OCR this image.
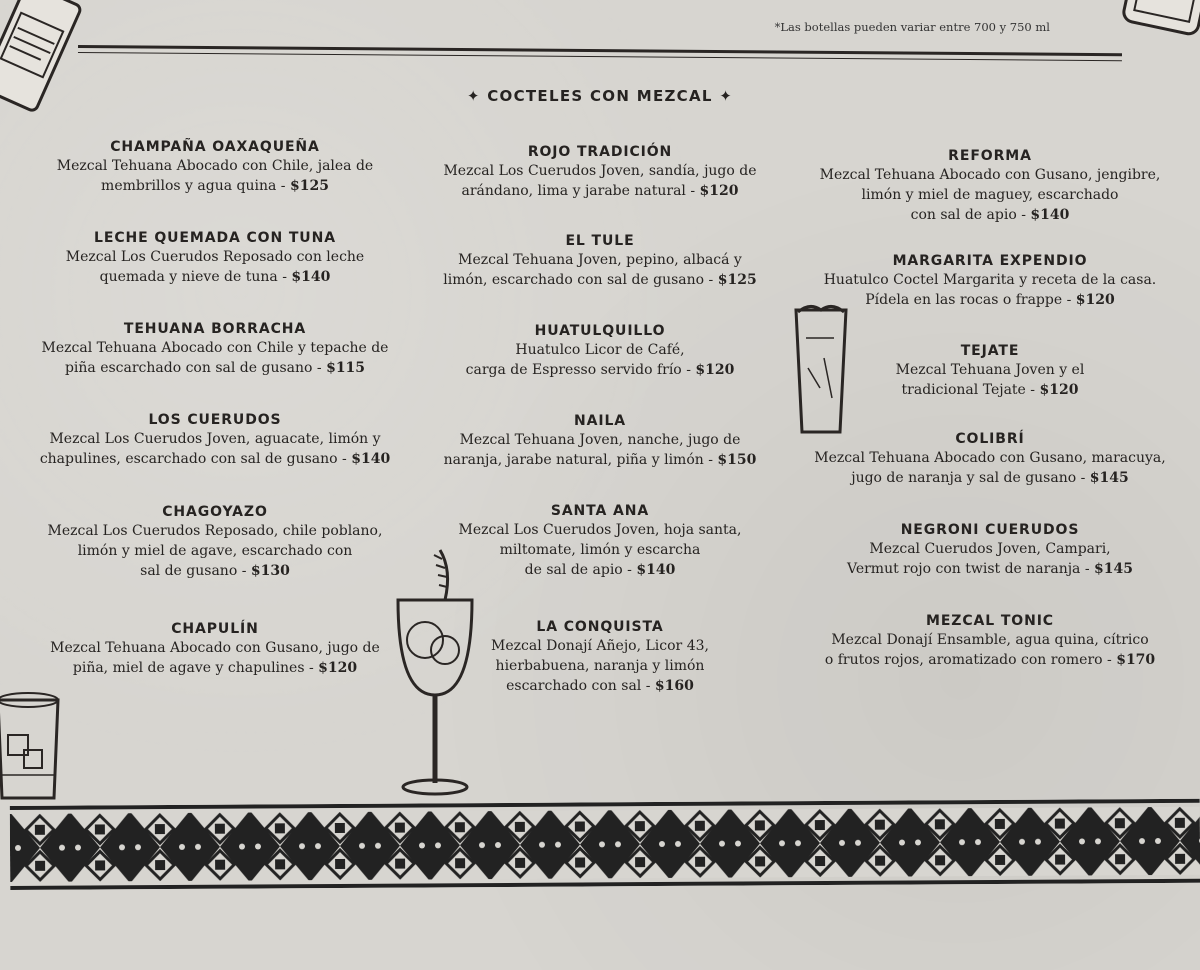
*Las botellas pueden variar entre 700 y 750 ml
✦ COCTELES CON MEZCAL ✦
CHAMPAÑA OAXAQUEÑA
Mezcal Tehuana Abocado con Chile, jalea de
membrillos y agua quina - $125
LECHE QUEMADA CON TUNA
Mezcal Los Cuerudos Reposado con leche
quemada y nieve de tuna - $140
TEHUANA BORRACHA
Mezcal Tehuana Abocado con Chile y tepache de
piña escarchado con sal de gusano - $115
LOS CUERUDOS
Mezcal Los Cuerudos Joven, aguacate, limón y
chapulines, escarchado con sal de gusano - $140
CHAGOYAZO
Mezcal Los Cuerudos Reposado, chile poblano,
limón y miel de agave, escarchado con
sal de gusano - $130
CHAPULÍN
Mezcal Tehuana Abocado con Gusano, jugo de
piña, miel de agave y chapulines - $120
ROJO TRADICIÓN
Mezcal Los Cuerudos Joven, sandía, jugo de
arándano, lima y jarabe natural - $120
EL TULE
Mezcal Tehuana Joven, pepino, albacá y
limón, escarchado con sal de gusano - $125
HUATULQUILLO
Huatulco Licor de Café,
carga de Espresso servido frío - $120
NAILA
Mezcal Tehuana Joven, nanche, jugo de
naranja, jarabe natural, piña y limón - $150
SANTA ANA
Mezcal Los Cuerudos Joven, hoja santa,
miltomate, limón y escarcha
de sal de apio - $140
LA CONQUISTA
Mezcal Donají Añejo, Licor 43,
hierbabuena, naranja y limón
escarchado con sal - $160
REFORMA
Mezcal Tehuana Abocado con Gusano, jengibre,
limón y miel de maguey, escarchado
con sal de apio - $140
MARGARITA EXPENDIO
Huatulco Coctel Margarita y receta de la casa.
Pídela en las rocas o frappe - $120
TEJATE
Mezcal Tehuana Joven y el
tradicional Tejate - $120
COLIBRÍ
Mezcal Tehuana Abocado con Gusano, maracuya,
jugo de naranja y sal de gusano - $145
NEGRONI CUERUDOS
Mezcal Cuerudos Joven, Campari,
Vermut rojo con twist de naranja - $145
MEZCAL TONIC
Mezcal Donají Ensamble, agua quina, cítrico
o frutos rojos, aromatizado con romero - $170
